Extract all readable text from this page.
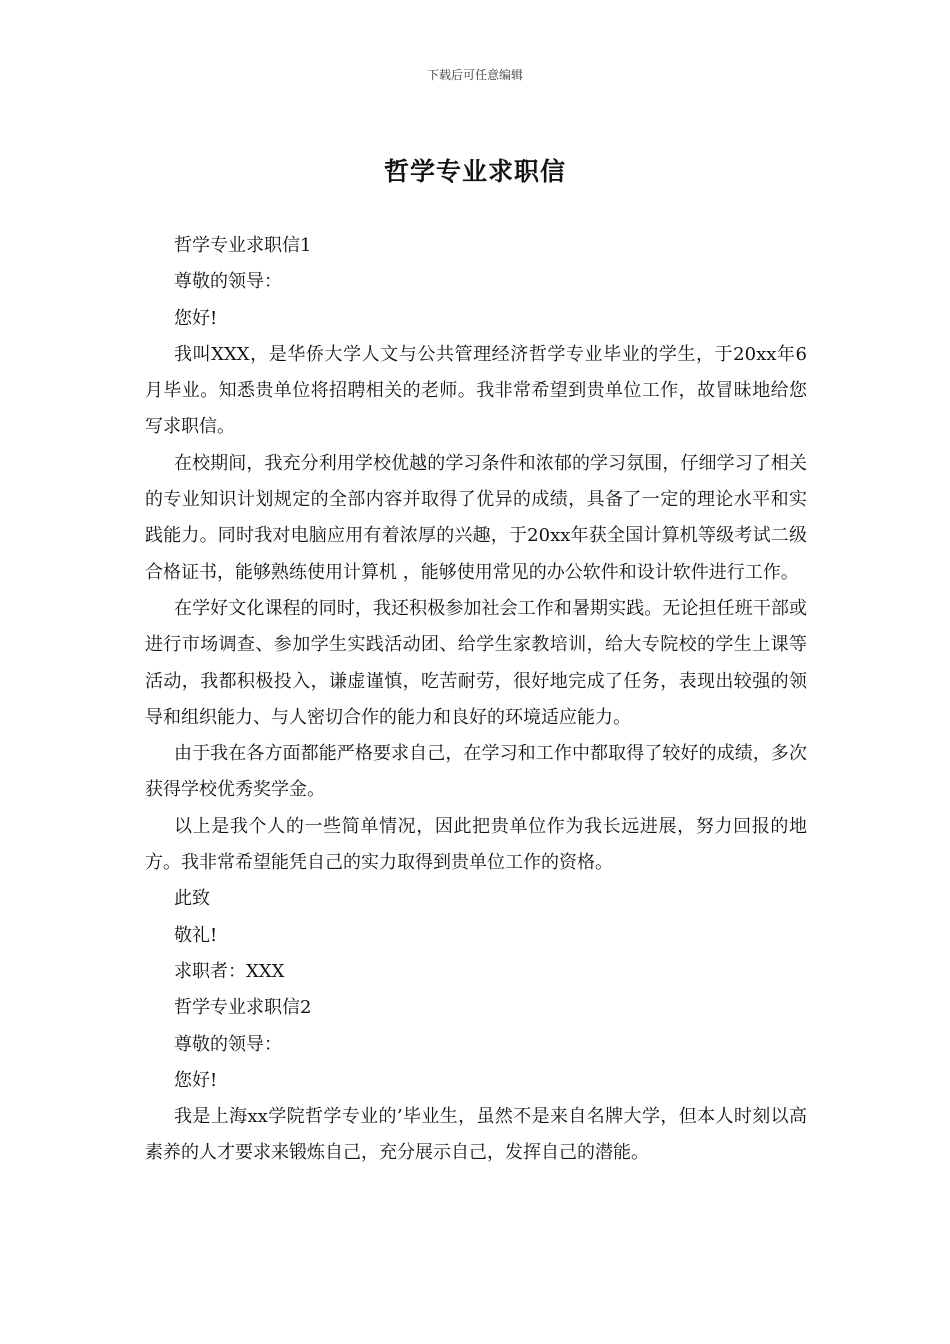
下载后可任意编辑
哲学专业求职信

哲学专业求职信1

尊敬的领导：

您好!

我叫XXX，是华侨大学人文与公共管理经济哲学专业毕业的学生，于20xx年6月毕业。知悉贵单位将招聘相关的老师。我非常希望到贵单位工作，故冒昧地给您写求职信。

在校期间，我充分利用学校优越的学习条件和浓郁的学习氛围，仔细学习了相关的专业知识计划规定的全部内容并取得了优异的成绩，具备了一定的理论水平和实践能力。同时我对电脑应用有着浓厚的兴趣，于20xx年获全国计算机等级考试二级合格证书，能够熟练使用计算机 ，能够使用常见的办公软件和设计软件进行工作。

在学好文化课程的同时，我还积极参加社会工作和暑期实践。无论担任班干部或进行市场调查、参加学生实践活动团、给学生家教培训，给大专院校的学生上课等活动，我都积极投入，谦虚谨慎，吃苦耐劳，很好地完成了任务，表现出较强的领导和组织能力、与人密切合作的能力和良好的环境适应能力。

由于我在各方面都能严格要求自己，在学习和工作中都取得了较好的成绩，多次获得学校优秀奖学金。

以上是我个人的一些简单情况，因此把贵单位作为我长远进展，努力回报的地方。我非常希望能凭自己的实力取得到贵单位工作的资格。

此致

敬礼!

求职者：XXX

哲学专业求职信2

尊敬的领导：

您好!

我是上海xx学院哲学专业的’毕业生，虽然不是来自名牌大学，但本人时刻以高素养的人才要求来锻炼自己，充分展示自己，发挥自己的潜能。
